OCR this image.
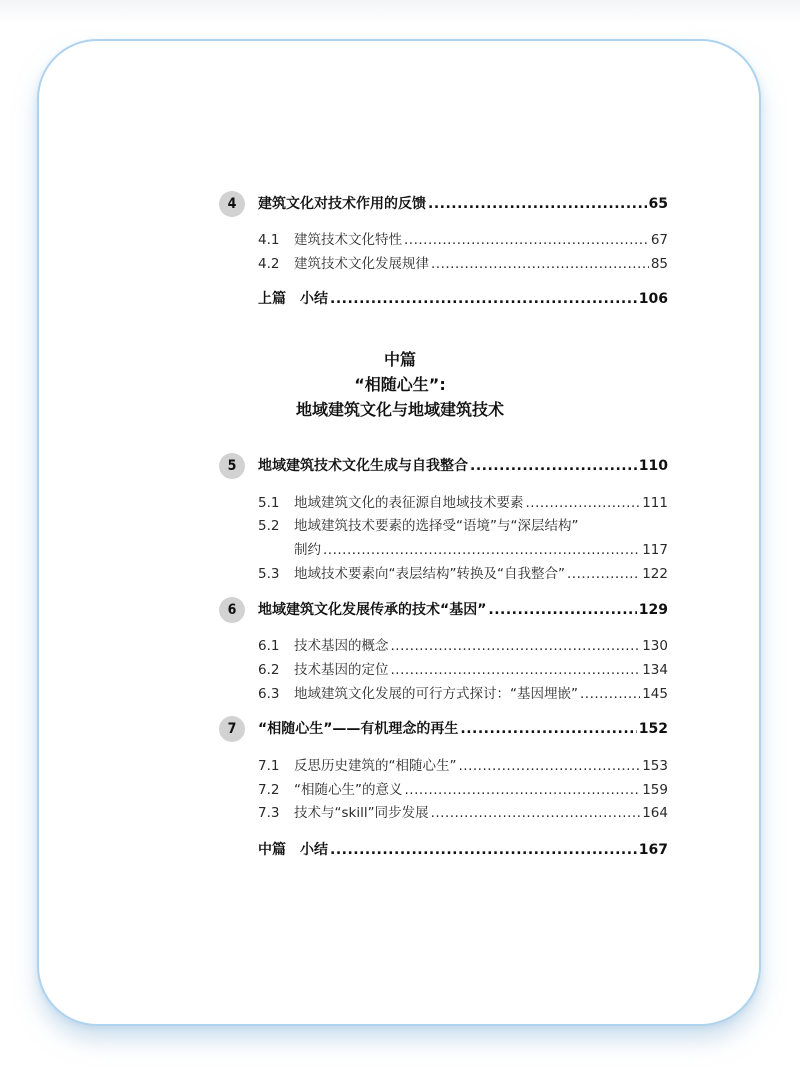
4	建筑文化对技术作用的反馈 .....	65
4.1 建筑技术文化特性 .....	67
4.2 建筑技术文化发展规律 .....	85
上篇　小结 .....	106
中篇
“相随心生”:
地域建筑文化与地域建筑技术
5	地域建筑技术文化生成与自我整合 .....	110
5.1 地域建筑文化的表征源自地域技术要素 .....	111
5.2 地域建筑技术要素的选择受“语境”与“深层结构”
制约 .....	117
5.3 地域技术要素向“表层结构”转换及“自我整合” .....	122
6	地域建筑文化发展传承的技术“基因” .....	129
6.1 技术基因的概念 .....	130
6.2 技术基因的定位 .....	134
6.3 地域建筑文化发展的可行方式探讨：“基因埋嵌” .....	145
7	“相随心生”——有机理念的再生 .....	152
7.1 反思历史建筑的“相随心生” .....	153
7.2 “相随心生”的意义 .....	159
7.3 技术与“skill”同步发展 .....	164
中篇　小结 .....	167
